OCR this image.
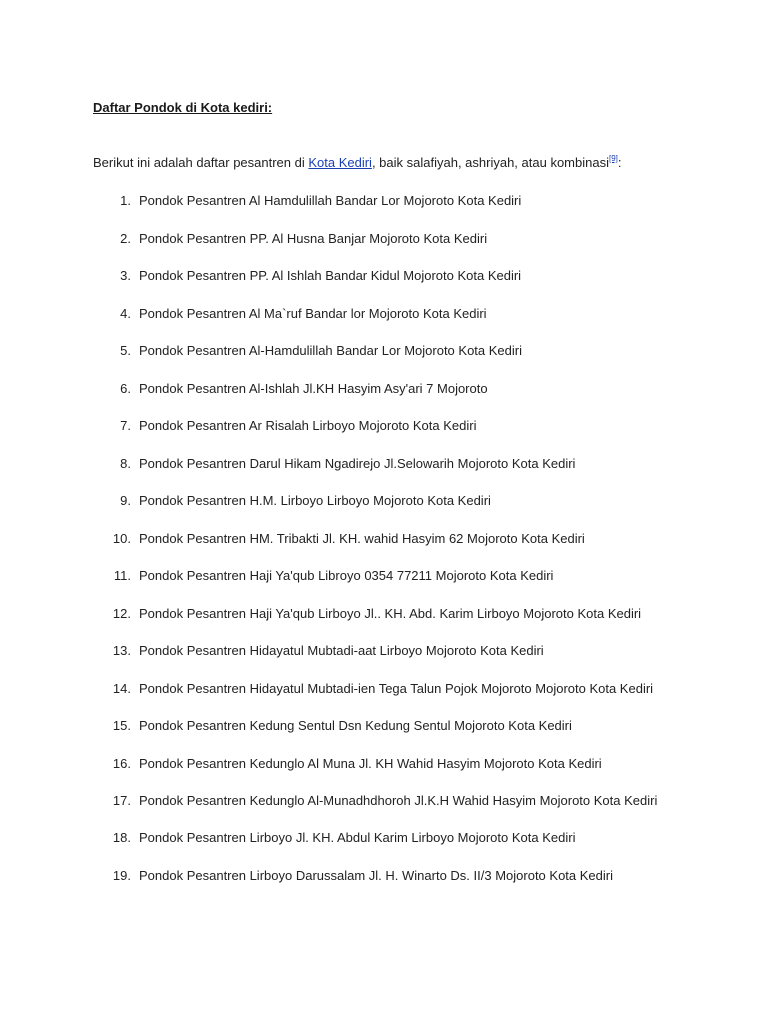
Daftar Pondok di Kota kediri:

Berikut ini adalah daftar pesantren di Kota Kediri, baik salafiyah, ashriyah, atau kombinasi[9]:

1. Pondok Pesantren Al Hamdulillah Bandar Lor Mojoroto Kota Kediri
2. Pondok Pesantren PP. Al Husna Banjar Mojoroto Kota Kediri
3. Pondok Pesantren PP. Al Ishlah Bandar Kidul Mojoroto Kota Kediri
4. Pondok Pesantren Al Ma`ruf Bandar lor Mojoroto Kota Kediri
5. Pondok Pesantren Al-Hamdulillah Bandar Lor Mojoroto Kota Kediri
6. Pondok Pesantren Al-Ishlah Jl.KH Hasyim Asy'ari 7 Mojoroto
7. Pondok Pesantren Ar Risalah Lirboyo Mojoroto Kota Kediri
8. Pondok Pesantren Darul Hikam Ngadirejo Jl.Selowarih Mojoroto Kota Kediri
9. Pondok Pesantren H.M. Lirboyo Lirboyo Mojoroto Kota Kediri
10. Pondok Pesantren HM. Tribakti Jl. KH. wahid Hasyim 62 Mojoroto Kota Kediri
11. Pondok Pesantren Haji Ya'qub Libroyo 0354 77211 Mojoroto Kota Kediri
12. Pondok Pesantren Haji Ya'qub Lirboyo Jl.. KH. Abd. Karim Lirboyo Mojoroto Kota Kediri
13. Pondok Pesantren Hidayatul Mubtadi-aat Lirboyo Mojoroto Kota Kediri
14. Pondok Pesantren Hidayatul Mubtadi-ien Tega Talun Pojok Mojoroto Mojoroto Kota Kediri
15. Pondok Pesantren Kedung Sentul Dsn Kedung Sentul Mojoroto Kota Kediri
16. Pondok Pesantren Kedunglo Al Muna Jl. KH Wahid Hasyim Mojoroto Kota Kediri
17. Pondok Pesantren Kedunglo Al-Munadhdhoroh Jl.K.H Wahid Hasyim Mojoroto Kota Kediri
18. Pondok Pesantren Lirboyo Jl. KH. Abdul Karim Lirboyo Mojoroto Kota Kediri
19. Pondok Pesantren Lirboyo Darussalam Jl. H. Winarto Ds. II/3 Mojoroto Kota Kediri
